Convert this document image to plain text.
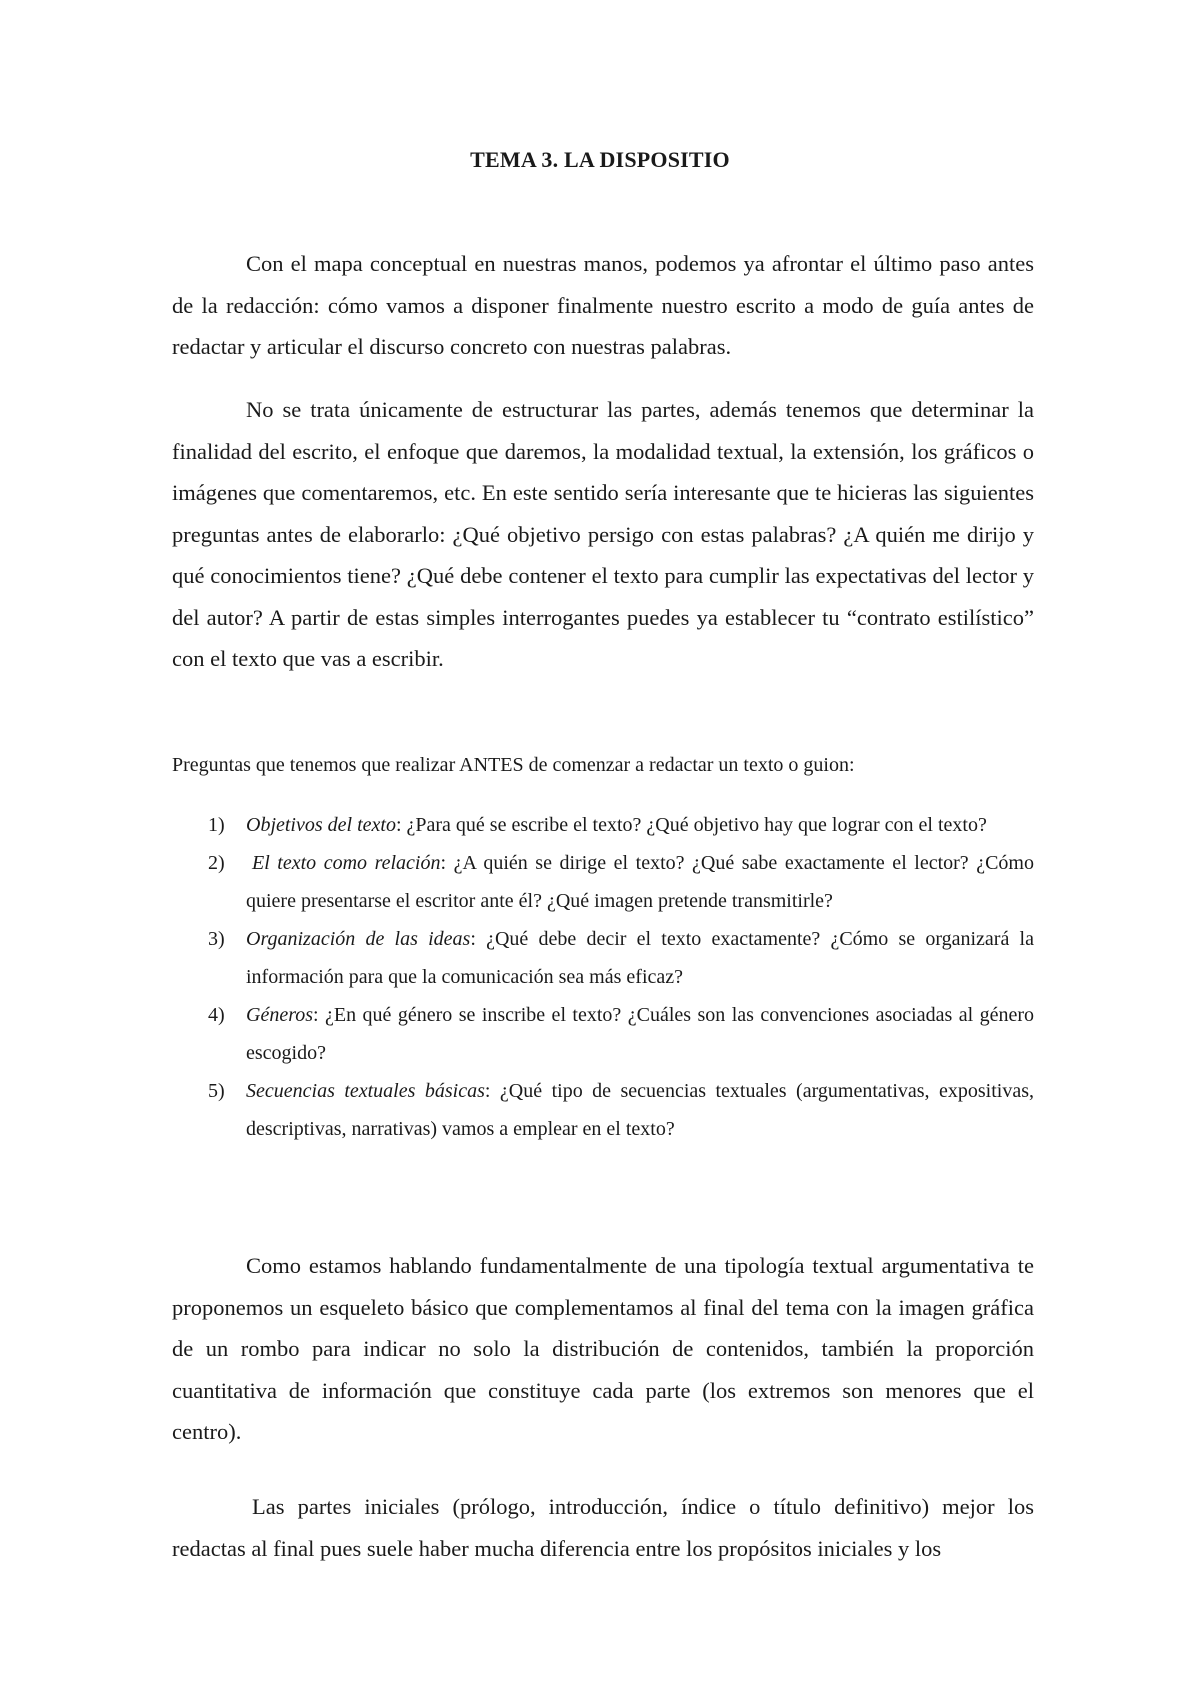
TEMA 3. LA DISPOSITIO

Con el mapa conceptual en nuestras manos, podemos ya afrontar el último paso antes de la redacción: cómo vamos a disponer finalmente nuestro escrito a modo de guía antes de redactar y articular el discurso concreto con nuestras palabras.

No se trata únicamente de estructurar las partes, además tenemos que determinar la finalidad del escrito, el enfoque que daremos, la modalidad textual, la extensión, los gráficos o imágenes que comentaremos, etc. En este sentido sería interesante que te hicieras las siguientes preguntas antes de elaborarlo: ¿Qué objetivo persigo con estas palabras? ¿A quién me dirijo y qué conocimientos tiene? ¿Qué debe contener el texto para cumplir las expectativas del lector y del autor? A partir de estas simples interrogantes puedes ya establecer tu “contrato estilístico” con el texto que vas a escribir.

Preguntas que tenemos que realizar ANTES de comenzar a redactar un texto o guion:

1) Objetivos del texto: ¿Para qué se escribe el texto? ¿Qué objetivo hay que lograr con el texto?
2) El texto como relación: ¿A quién se dirige el texto? ¿Qué sabe exactamente el lector? ¿Cómo quiere presentarse el escritor ante él? ¿Qué imagen pretende transmitirle?
3) Organización de las ideas: ¿Qué debe decir el texto exactamente? ¿Cómo se organizará la información para que la comunicación sea más eficaz?
4) Géneros: ¿En qué género se inscribe el texto? ¿Cuáles son las convenciones asociadas al género escogido?
5) Secuencias textuales básicas: ¿Qué tipo de secuencias textuales (argumentativas, expositivas, descriptivas, narrativas) vamos a emplear en el texto?

Como estamos hablando fundamentalmente de una tipología textual argumentativa te proponemos un esqueleto básico que complementamos al final del tema con la imagen gráfica de un rombo para indicar no solo la distribución de contenidos, también la proporción cuantitativa de información que constituye cada parte (los extremos son menores que el centro).

Las partes iniciales (prólogo, introducción, índice o título definitivo) mejor los redactas al final pues suele haber mucha diferencia entre los propósitos iniciales y los
